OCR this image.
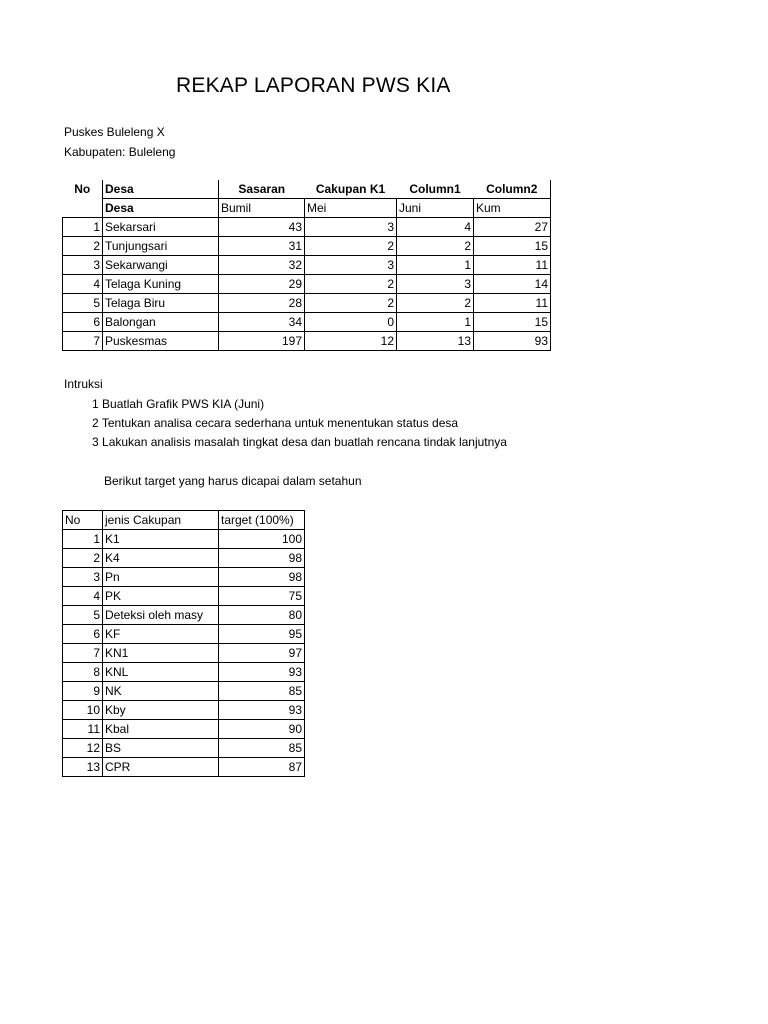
REKAP LAPORAN PWS KIA
Puskes Buleleng X
Kabupaten: Buleleng
No	Desa	Sasaran	Cakupan K1	Column1	Column2
	Desa	Bumil	Mei	Juni	Kum
1	Sekarsari	43	3	4	27
2	Tunjungsari	31	2	2	15
3	Sekarwangi	32	3	1	11
4	Telaga Kuning	29	2	3	14
5	Telaga Biru	28	2	2	11
6	Balongan	34	0	1	15
7	Puskesmas	197	12	13	93
Intruksi
1 Buatlah Grafik PWS KIA (Juni)
2 Tentukan analisa cecara sederhana untuk menentukan status desa
3 Lakukan analisis masalah tingkat desa dan buatlah rencana tindak lanjutnya
Berikut target yang harus dicapai dalam setahun
No	jenis Cakupan	target (100%)
1	K1	100
2	K4	98
3	Pn	98
4	PK	75
5	Deteksi oleh masy	80
6	KF	95
7	KN1	97
8	KNL	93
9	NK	85
10	Kby	93
11	Kbal	90
12	BS	85
13	CPR	87
